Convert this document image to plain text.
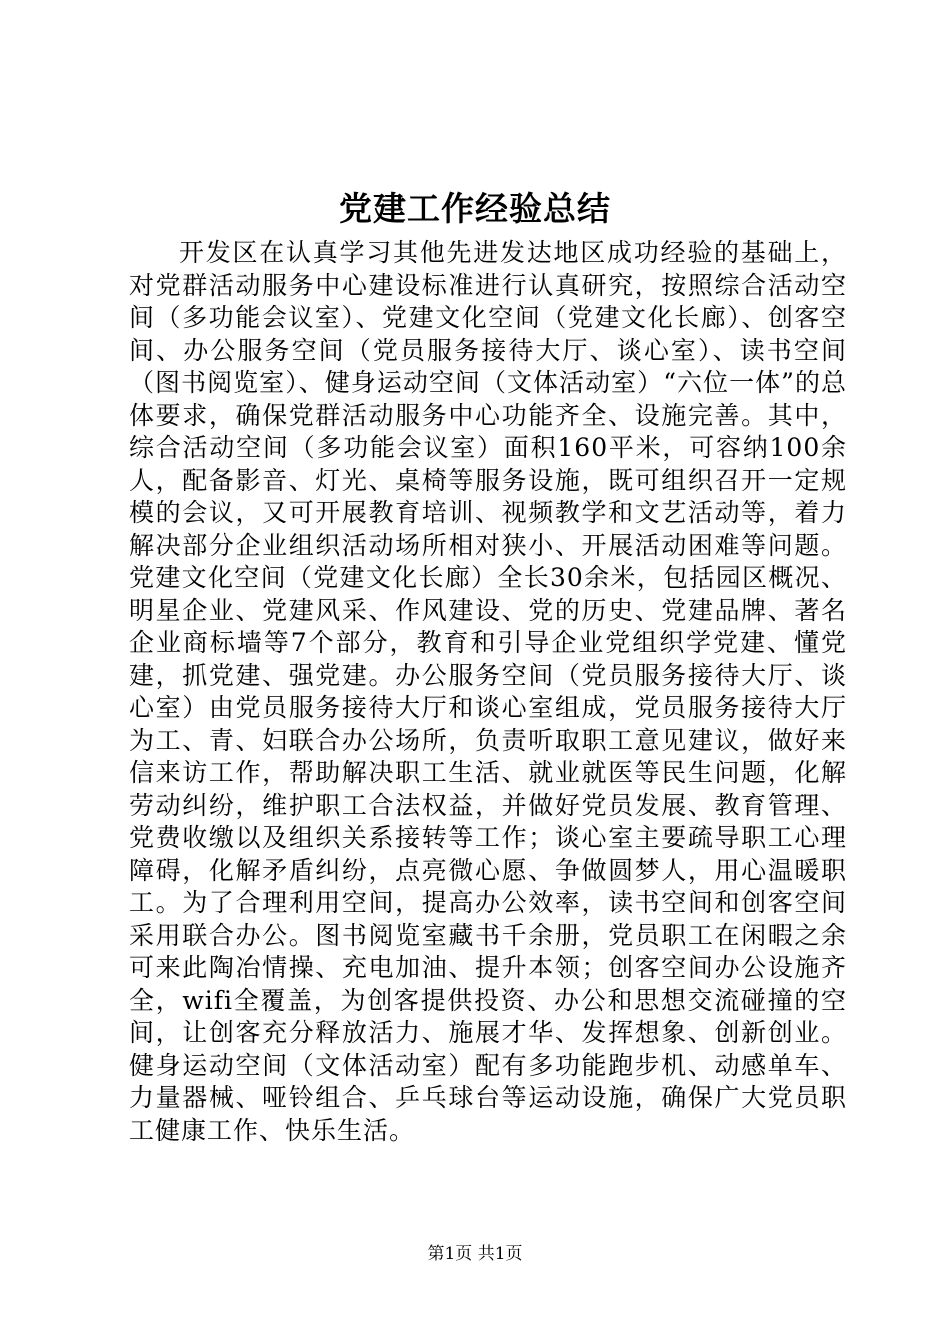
党建工作经验总结

开发区在认真学习其他先进发达地区成功经验的基础上，对党群活动服务中心建设标准进行认真研究，按照综合活动空间（多功能会议室）、党建文化空间（党建文化长廊）、创客空间、办公服务空间（党员服务接待大厅、谈心室）、读书空间（图书阅览室）、健身运动空间（文体活动室）“六位一体”的总体要求，确保党群活动服务中心功能齐全、设施完善。其中，综合活动空间（多功能会议室）面积160平米，可容纳100余人，配备影音、灯光、桌椅等服务设施，既可组织召开一定规模的会议，又可开展教育培训、视频教学和文艺活动等，着力解决部分企业组织活动场所相对狭小、开展活动困难等问题。党建文化空间（党建文化长廊）全长30余米，包括园区概况、明星企业、党建风采、作风建设、党的历史、党建品牌、著名企业商标墙等7个部分，教育和引导企业党组织学党建、懂党建，抓党建、强党建。办公服务空间（党员服务接待大厅、谈心室）由党员服务接待大厅和谈心室组成，党员服务接待大厅为工、青、妇联合办公场所，负责听取职工意见建议，做好来信来访工作，帮助解决职工生活、就业就医等民生问题，化解劳动纠纷，维护职工合法权益，并做好党员发展、教育管理、党费收缴以及组织关系接转等工作；谈心室主要疏导职工心理障碍，化解矛盾纠纷，点亮微心愿、争做圆梦人，用心温暖职工。为了合理利用空间，提高办公效率，读书空间和创客空间采用联合办公。图书阅览室藏书千余册，党员职工在闲暇之余可来此陶冶情操、充电加油、提升本领；创客空间办公设施齐全，wifi全覆盖，为创客提供投资、办公和思想交流碰撞的空间，让创客充分释放活力、施展才华、发挥想象、创新创业。健身运动空间（文体活动室）配有多功能跑步机、动感单车、力量器械、哑铃组合、乒乓球台等运动设施，确保广大党员职工健康工作、快乐生活。

第1页 共1页
